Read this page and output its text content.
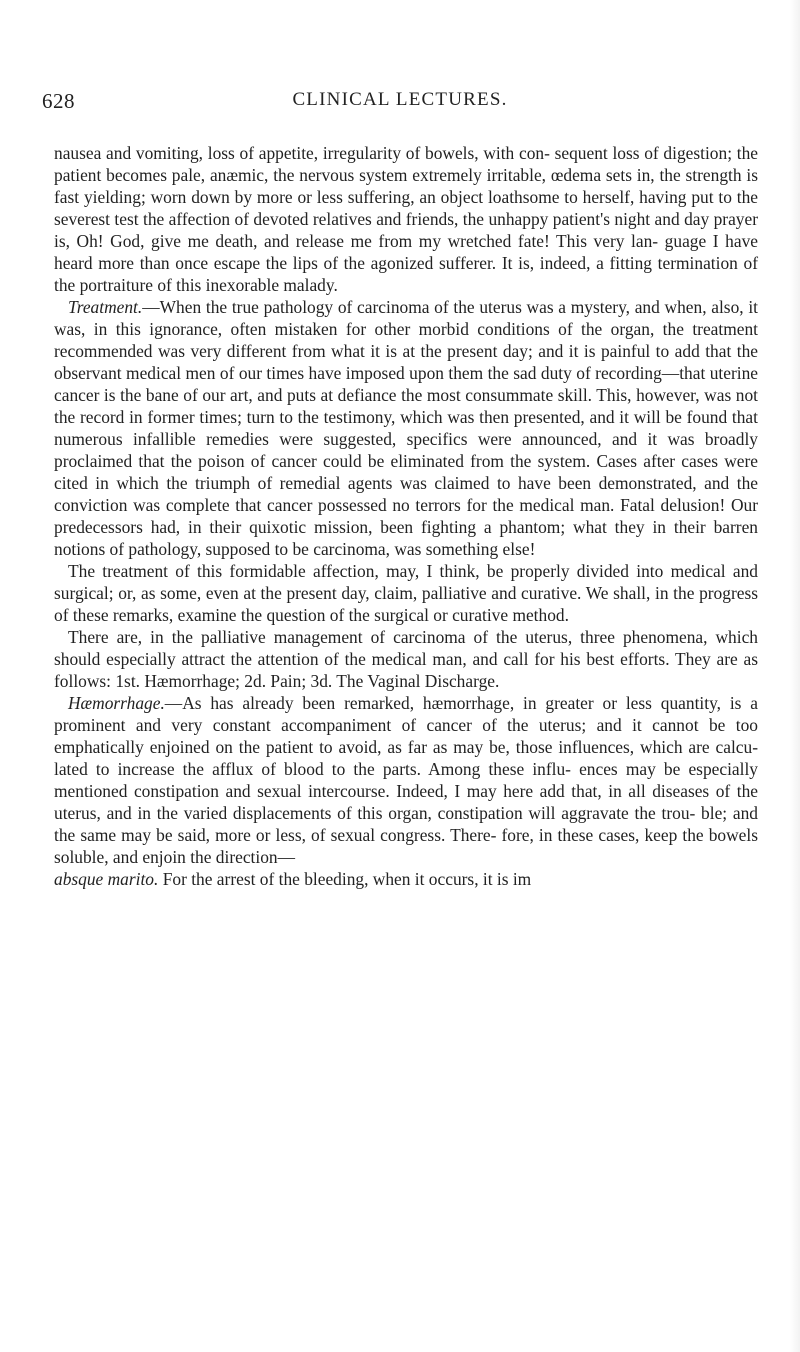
628	CLINICAL LECTURES.

nausea and vomiting, loss of appetite, irregularity of bowels, with con- sequent loss of digestion; the patient becomes pale, anæmic, the nervous system extremely irritable, œdema sets in, the strength is fast yielding; worn down by more or less suffering, an object loathsome to herself, having put to the severest test the affection of devoted relatives and friends, the unhappy patient's night and day prayer is, Oh! God, give me death, and release me from my wretched fate! This very lan- guage I have heard more than once escape the lips of the agonized sufferer. It is, indeed, a fitting termination of the portraiture of this inexorable malady.

Treatment.—When the true pathology of carcinoma of the uterus was a mystery, and when, also, it was, in this ignorance, often mistaken for other morbid conditions of the organ, the treatment recommended was very different from what it is at the present day; and it is painful to add that the observant medical men of our times have imposed upon them the sad duty of recording—that uterine cancer is the bane of our art, and puts at defiance the most consummate skill. This, however, was not the record in former times; turn to the testimony, which was then presented, and it will be found that numerous infallible remedies were suggested, specifics were announced, and it was broadly proclaimed that the poison of cancer could be eliminated from the system. Cases after cases were cited in which the triumph of remedial agents was claimed to have been demonstrated, and the conviction was complete that cancer possessed no terrors for the medical man. Fatal delusion! Our predecessors had, in their quixotic mission, been fighting a phantom; what they in their barren notions of pathology, supposed to be carcinoma, was something else!

The treatment of this formidable affection, may, I think, be properly divided into medical and surgical; or, as some, even at the present day, claim, palliative and curative. We shall, in the progress of these remarks, examine the question of the surgical or curative method.

There are, in the palliative management of carcinoma of the uterus, three phenomena, which should especially attract the attention of the medical man, and call for his best efforts. They are as follows: 1st. Hæmorrhage; 2d. Pain; 3d. The Vaginal Discharge.

Hæmorrhage.—As has already been remarked, hæmorrhage, in greater or less quantity, is a prominent and very constant accompaniment of cancer of the uterus; and it cannot be too emphatically enjoined on the patient to avoid, as far as may be, those influences, which are calcu- lated to increase the afflux of blood to the parts. Among these influ- ences may be especially mentioned constipation and sexual intercourse. Indeed, I may here add that, in all diseases of the uterus, and in the varied displacements of this organ, constipation will aggravate the trou- ble; and the same may be said, more or less, of sexual congress. There- fore, in these cases, keep the bowels soluble, and enjoin the direction—
absque marito. For the arrest of the bleeding, when it occurs, it is im
